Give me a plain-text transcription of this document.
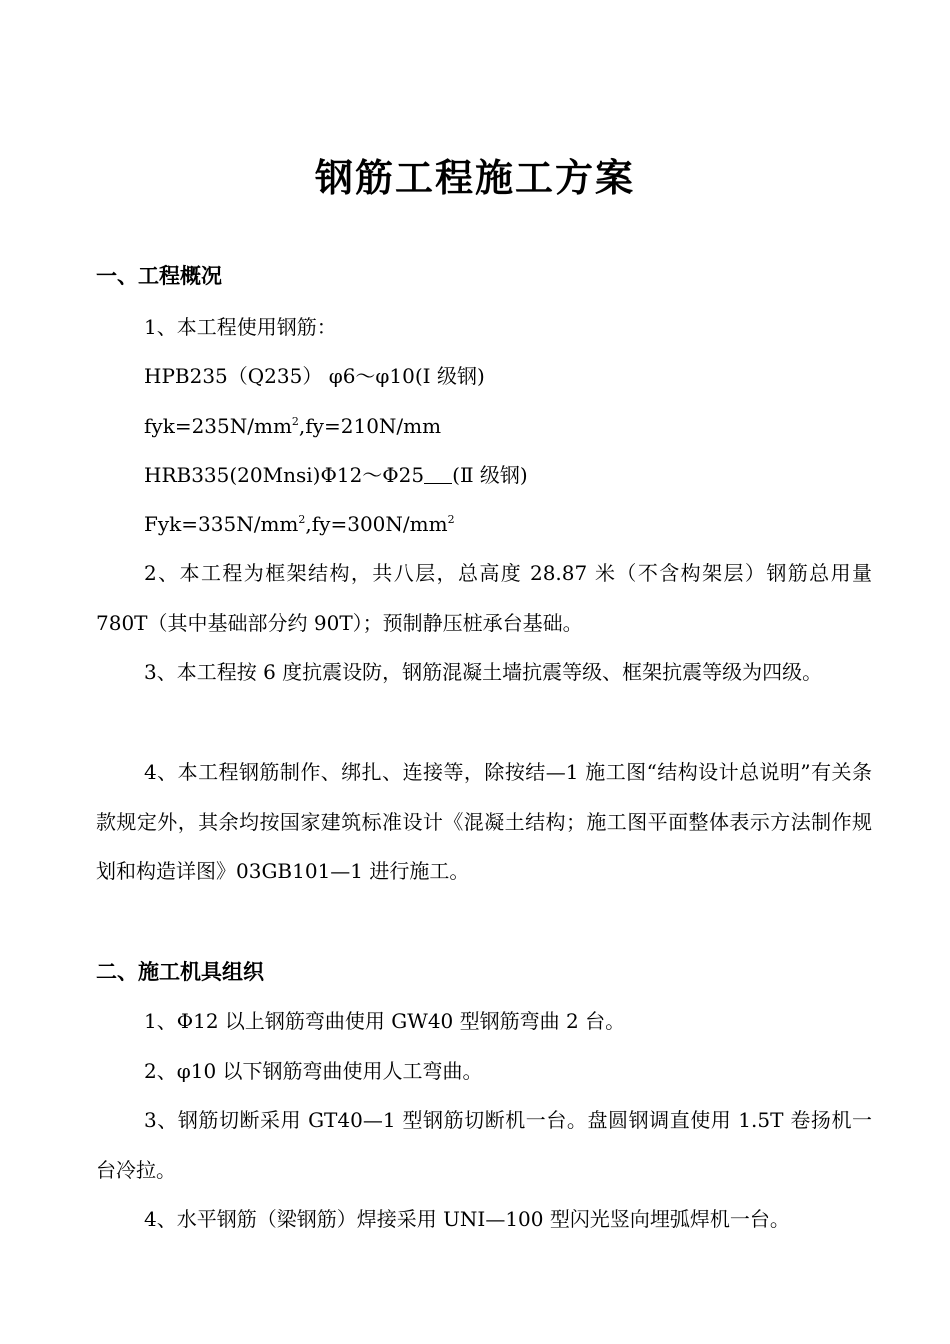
钢筋工程施工方案
一、工程概况
1、本工程使用钢筋：
HPB235（Q235） φ6～φ10(Ⅰ 级钢)
$fyk=235N/mm^2,fy=210N/mm$
HRB335(20Mnsi)Φ12～Φ25 (Ⅱ 级钢)
$Fyk=335N/mm^2,fy=300N/mm^2$

2、本工程为框架结构，共八层，总高度 28.87 米（不含构架层）钢筋总用量 780T（其中基础部分约 90T）；预制静压桩承台基础。

3、本工程按 6 度抗震设防，钢筋混凝土墙抗震等级、框架抗震等级为四级。

4、本工程钢筋制作、绑扎、连接等，除按结—1 施工图“结构设计总说明”有关条款规定外，其余均按国家建筑标准设计《混凝土结构；施工图平面整体表示方法制作规划和构造详图》03GB101—1 进行施工。

二、施工机具组织

1、Φ12 以上钢筋弯曲使用 GW40 型钢筋弯曲 2 台。

2、φ10 以下钢筋弯曲使用人工弯曲。

3、钢筋切断采用 GT40—1 型钢筋切断机一台。盘圆钢调直使用 1.5T 卷扬机一台冷拉。

4、水平钢筋（梁钢筋）焊接采用 UNI—100 型闪光竖向埋弧焊机一台。
